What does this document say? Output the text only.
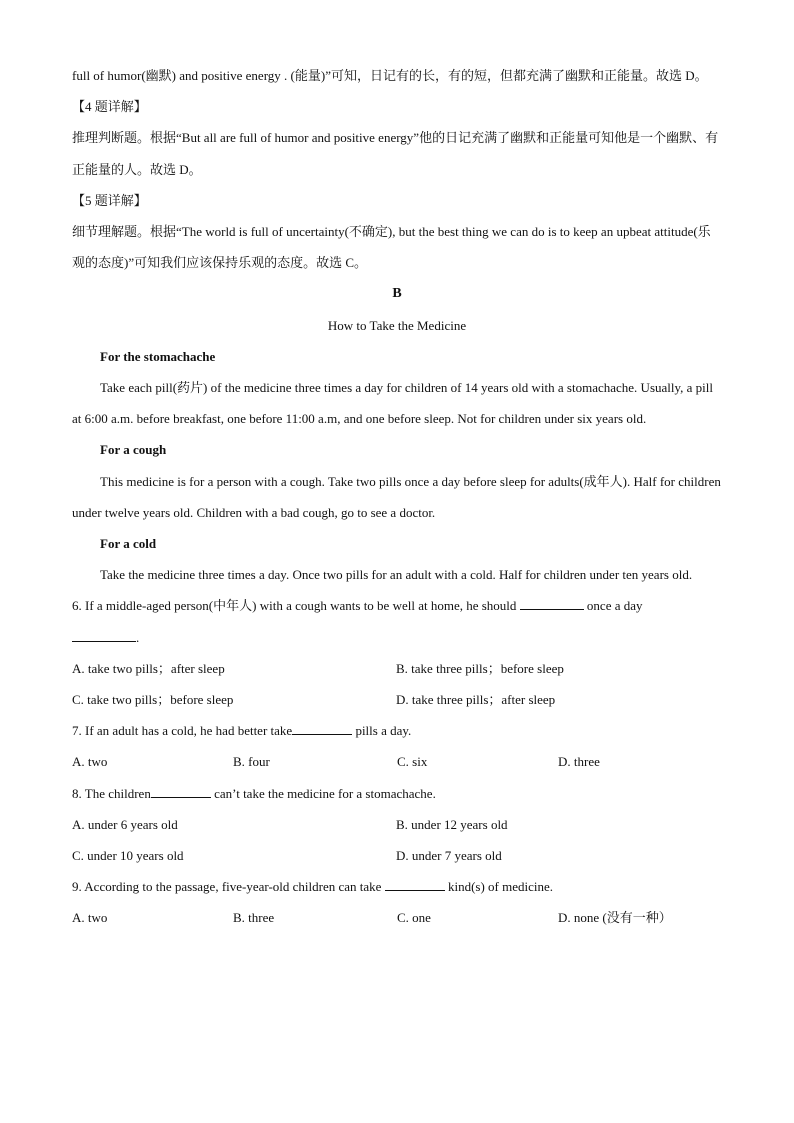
full of humor(幽默) and positive energy . (能量)”可知，日记有的长，有的短，但都充满了幽默和正能量。故选 D。
【4 题详解】
推理判断题。根据“But all are full of humor and positive energy”他的日记充满了幽默和正能量可知他是一个幽默、有正能量的人。故选 D。
【5 题详解】
细节理解题。根据“The world is full of uncertainty(不确定), but the best thing we can do is to keep an upbeat attitude(乐观的态度)”可知我们应该保持乐观的态度。故选 C。
B
How to Take the Medicine
For the stomachache
Take each pill(药片) of the medicine three times a day for children of 14 years old with a stomachache. Usually, a pill at 6:00 a.m. before breakfast, one before 11:00 a.m, and one before sleep. Not for children under six years old.
For a cough
This medicine is for a person with a cough. Take two pills once a day before sleep for adults(成年人). Half for children under twelve years old. Children with a bad cough, go to see a doctor.
For a cold
Take the medicine three times a day. Once two pills for an adult with a cold. Half for children under ten years old.
6. If a middle-aged person(中年人) with a cough wants to be well at home, he should	once a day
.
A. take two pills；after sleep	B. take three pills；before sleep
C. take two pills；before sleep	D. take three pills；after sleep
7. If an adult has a cold, he had better take	pills a day.
A. two	B. four	C. six	D. three
8. The children	can’t take the medicine for a stomachache.
A. under 6 years old	B. under 12 years old
C. under 10 years old	D. under 7 years old
9. According to the passage, five-year-old children can take	kind(s) of medicine.
A. two	B. three	C. one	D. none (没有一种）
